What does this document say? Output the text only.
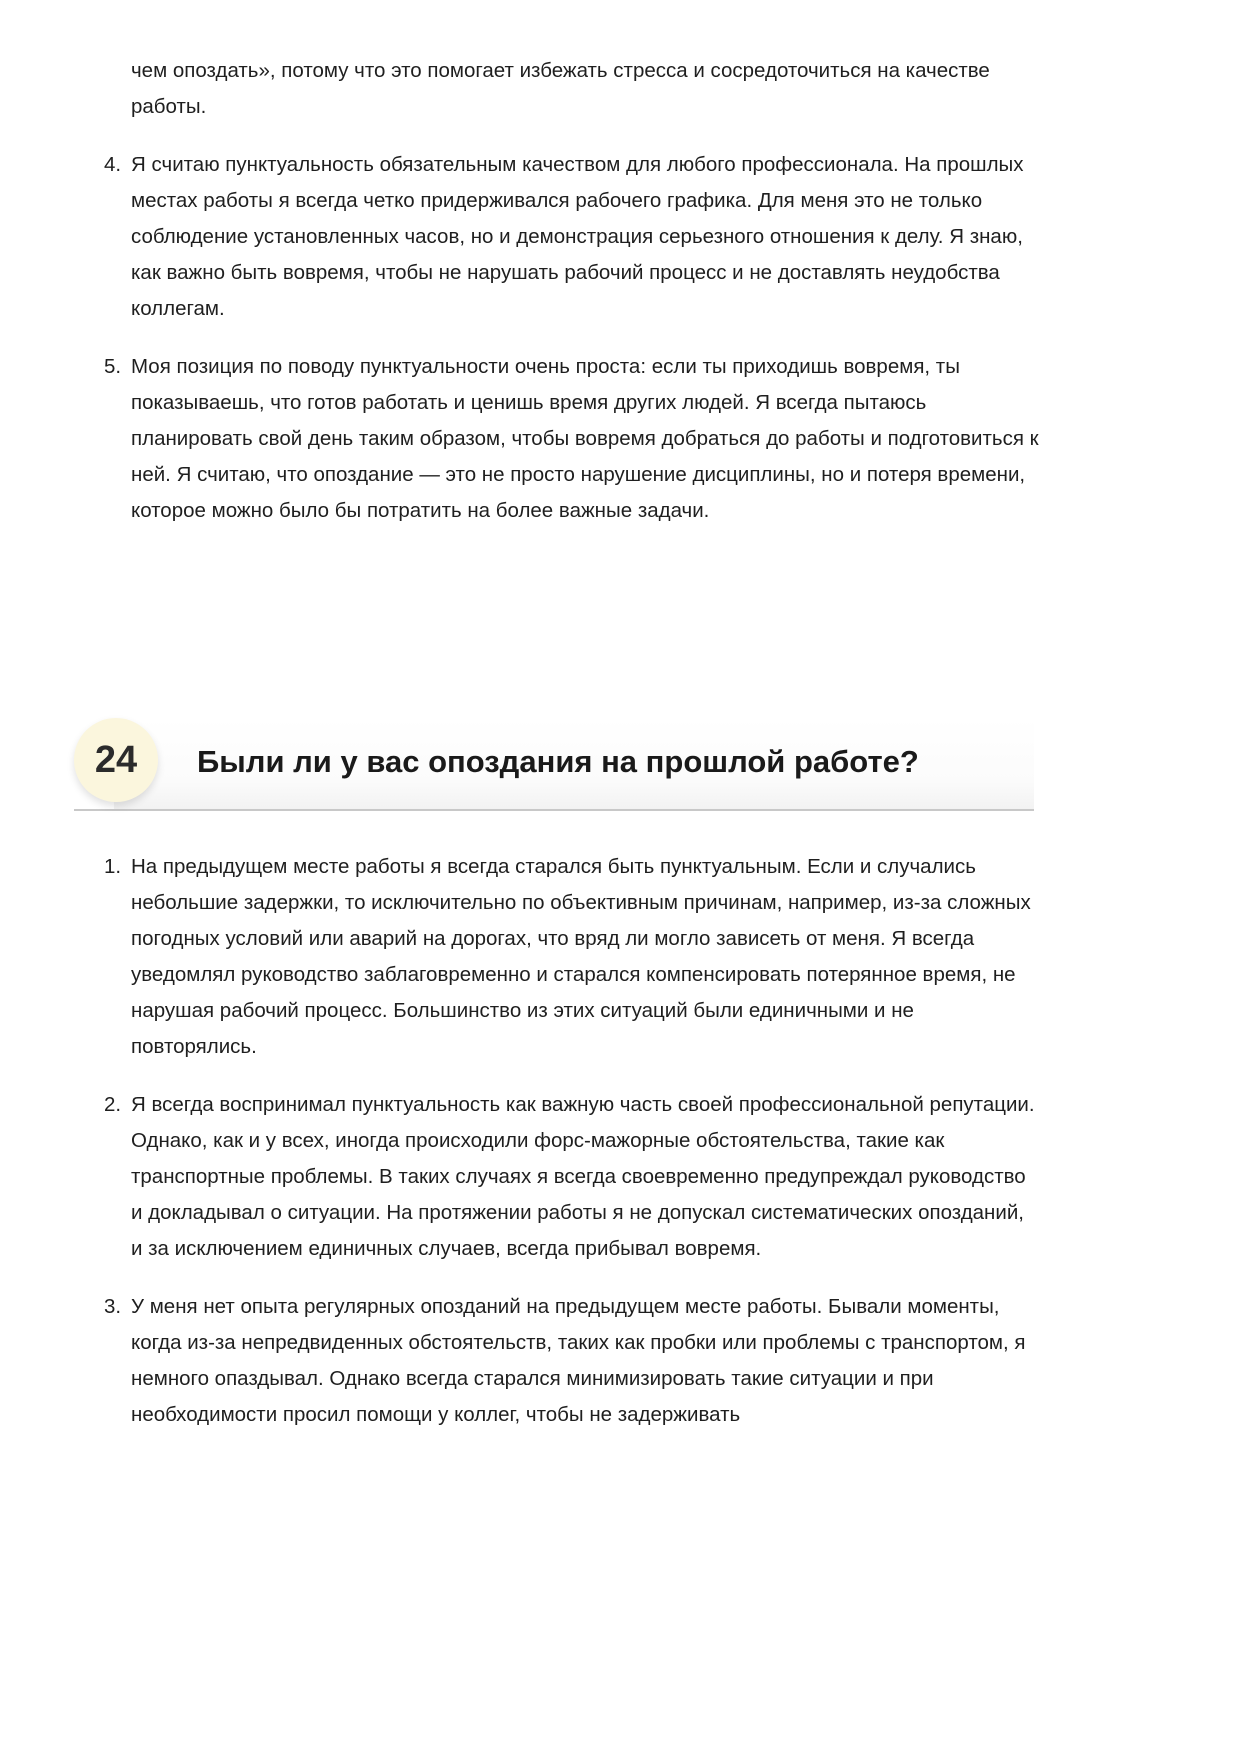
чем опоздать», потому что это помогает избежать стресса и сосредоточиться на качестве работы.

4. Я считаю пунктуальность обязательным качеством для любого профессионала. На прошлых местах работы я всегда четко придерживался рабочего графика. Для меня это не только соблюдение установленных часов, но и демонстрация серьезного отношения к делу. Я знаю, как важно быть вовремя, чтобы не нарушать рабочий процесс и не доставлять неудобства коллегам.
5. Моя позиция по поводу пунктуальности очень проста: если ты приходишь вовремя, ты показываешь, что готов работать и ценишь время других людей. Я всегда пытаюсь планировать свой день таким образом, чтобы вовремя добраться до работы и подготовиться к ней. Я считаю, что опоздание — это не просто нарушение дисциплины, но и потеря времени, которое можно было бы потратить на более важные задачи.
24	Были ли у вас опоздания на прошлой работе?
1. На предыдущем месте работы я всегда старался быть пунктуальным. Если и случались небольшие задержки, то исключительно по объективным причинам, например, из-за сложных погодных условий или аварий на дорогах, что вряд ли могло зависеть от меня. Я всегда уведомлял руководство заблаговременно и старался компенсировать потерянное время, не нарушая рабочий процесс. Большинство из этих ситуаций были единичными и не повторялись.
2. Я всегда воспринимал пунктуальность как важную часть своей профессиональной репутации. Однако, как и у всех, иногда происходили форс-мажорные обстоятельства, такие как транспортные проблемы. В таких случаях я всегда своевременно предупреждал руководство и докладывал о ситуации. На протяжении работы я не допускал систематических опозданий, и за исключением единичных случаев, всегда прибывал вовремя.
3. У меня нет опыта регулярных опозданий на предыдущем месте работы. Бывали моменты, когда из-за непредвиденных обстоятельств, таких как пробки или проблемы с транспортом, я немного опаздывал. Однако всегда старался минимизировать такие ситуации и при необходимости просил помощи у коллег, чтобы не задерживать
